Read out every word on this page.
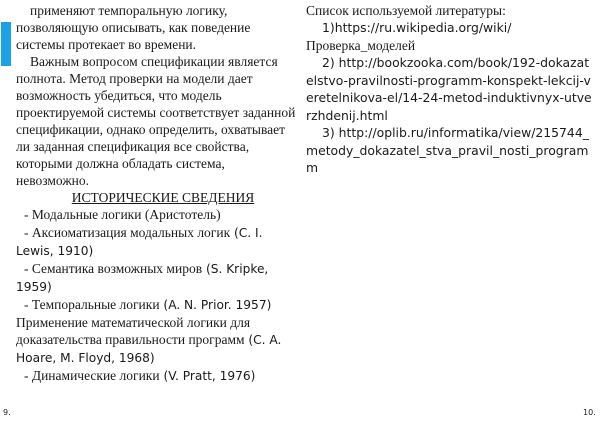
применяют темпоральную логику, позволяющую описывать, как поведение системы протекает во времени.

Важным вопросом спецификации является полнота. Метод проверки на модели дает возможность убедиться, что модель проектируемой системы соответствует заданной спецификации, однако определить, охватывает ли заданная спецификация все свойства, которыми должна обладать система, невозможно.

ИСТОРИЧЕСКИЕ СВЕДЕНИЯ

- Модальные логики (Аристотель)

- Аксиоматизация модальных логик (C. I. Lewis, 1910)

- Семантика возможных миров (S. Kripke, 1959)

- Темпоральные логики (A. N. Prior. 1957)

Применение математической логики для доказательства правильности программ (C. A. Hoare, M. Floyd, 1968)

- Динамические логики (V. Pratt, 1976)

Список используемой литературы:

1)https://ru.wikipedia.org/wiki/
Проверка_моделей

2) http://bookzooka.com/book/192-dokazatelstvo-pravilnosti-programm-konspekt-lekcij-veretelnikova-el/14-24-metod-induktivnyx-utverzhdenij.html

3) http://oplib.ru/informatika/view/215744_metody_dokazatel_stva_pravil_nosti_programm

9.	10.
